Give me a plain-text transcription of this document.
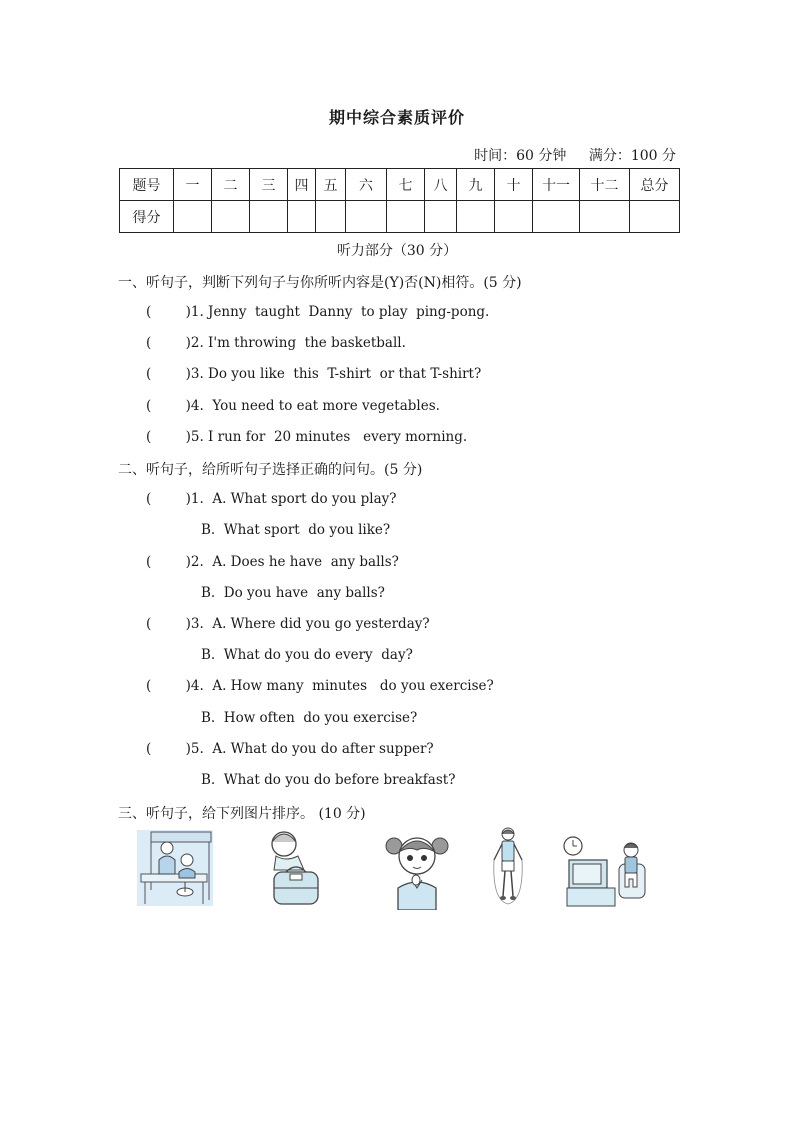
期中综合素质评价
时间：60 分钟 满分：100 分
题号	一	二	三	四	五	六	七	八	九	十	十一	十二	总分
得分													
听力部分（30 分）
一、听句子，判断下列句子与你所听内容是(Y)否(N)相符。(5 分)
(        )1. Jenny  taught  Danny  to play  ping-pong.
(        )2. I'm throwing  the basketball.
(        )3. Do you like  this  T-shirt  or that T-shirt?
(        )4.  You need to eat more vegetables.
(        )5. I run for  20 minutes   every morning.
二、听句子，给所听句子选择正确的问句。(5 分)
(        )1.  A. What sport do you play?
B.  What sport  do you like?
(        )2.  A. Does he have  any balls?
B.  Do you have  any balls?
(        )3.  A. Where did you go yesterday?
B.  What do you do every  day?
(        )4.  A. How many  minutes   do you exercise?
B.  How often  do you exercise?
(        )5.  A. What do you do after supper?
B.  What do you do before breakfast?
三、听句子，给下列图片排序。 (10 分)
